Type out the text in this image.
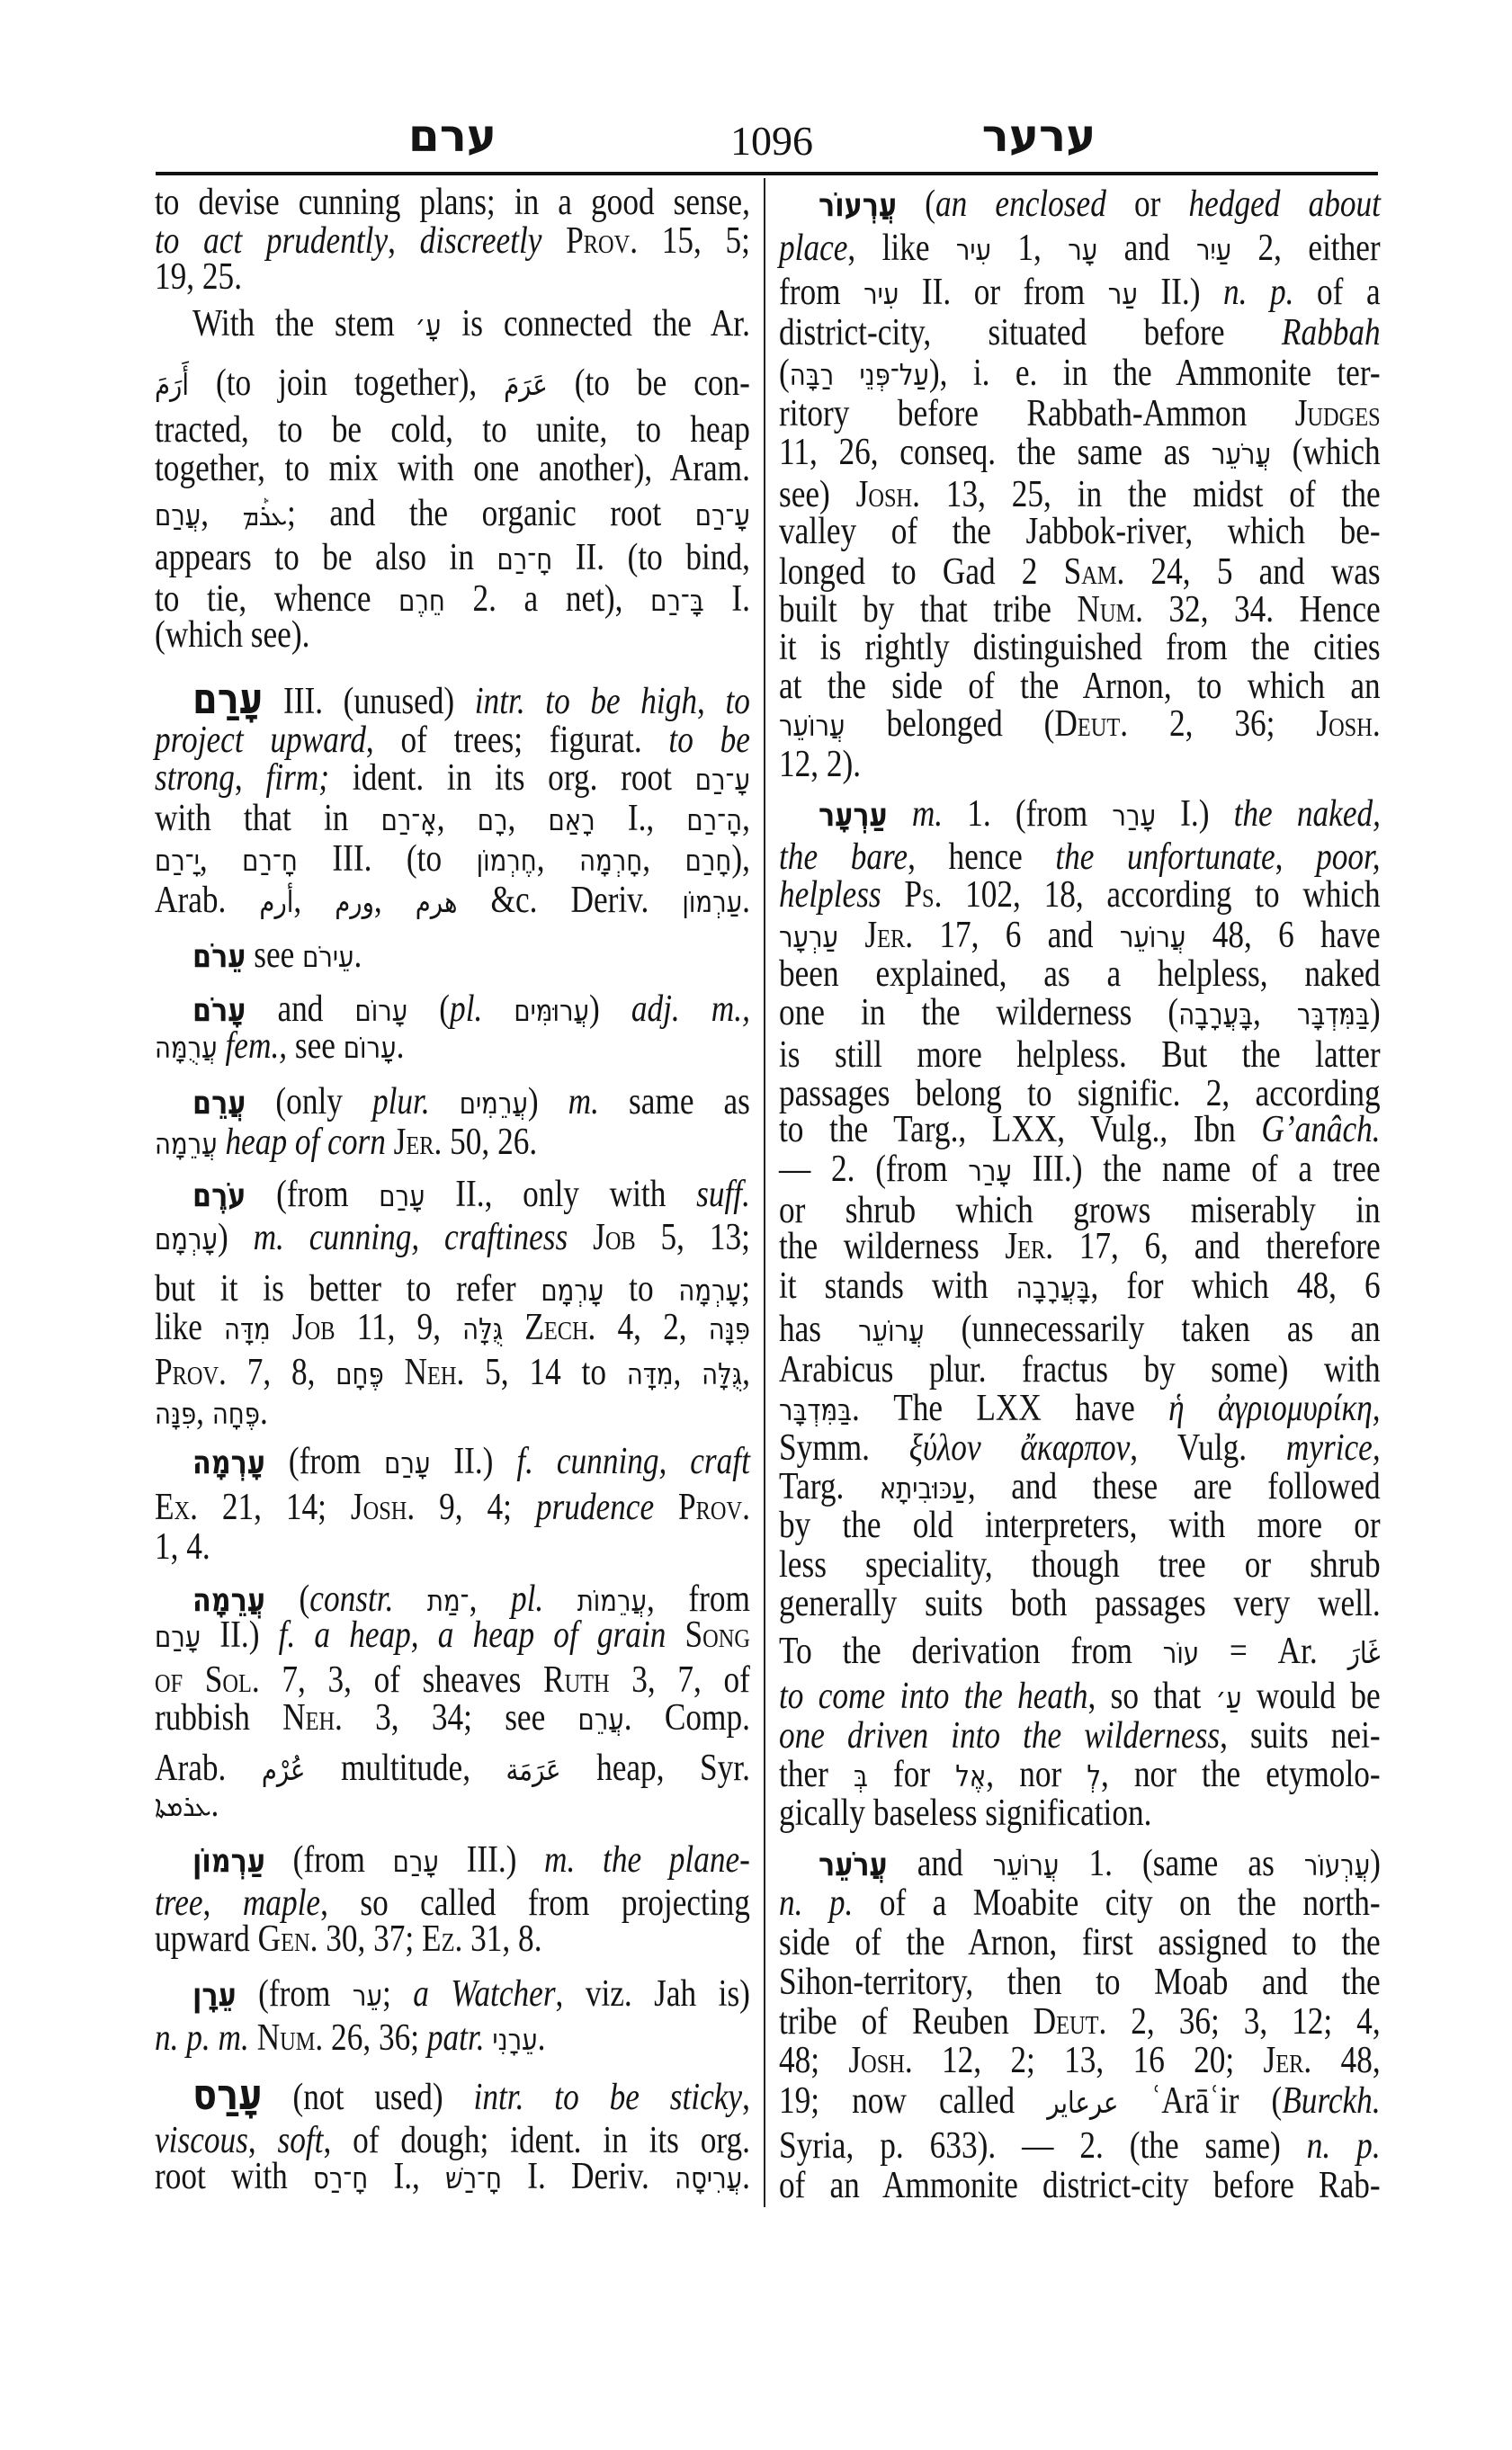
ערם	1096	ערער
to devise cunning plans; in a good sense,
to act prudently, discreetly Prov. 15, 5;
19, 25.
With the stem עָ׳ is connected the Ar.
أَرَمَ (to join together), عَرَمَ (to be con-
tracted, to be cold, to unite, to heap
together, to mix with one another), Aram.
עֲרַם, ܥܪܰܡ; and the organic root עָ־רַם
appears to be also in חָ־רַם II. (to bind,
to tie, whence חֵרֶם 2. a net), בָּ־רַם I.
(which see).
עָרַם III. (unused) intr. to be high, to
project upward, of trees; figurat. to be
strong, firm; ident. in its org. root עָ־רַם
with that in אָ־רַם, רָם, רָאַם I., הָ־רַם,
יָ־רַם, חָ־רַם III. (to חֶרְמוֹן, חָרְמָה, חָרַם),
Arab. أرم, ورم, هرم &c. Deriv. עַרְמוֹן.
עֵרֹם see עֵירֹם.
עָרֹם and עָרוֹם (pl. עֲרוּמִּים) adj. m.,
עֲרֻמָּה fem., see עָרוֹם.
עֲרֵם (only plur. עֲרֵמִים) m. same as
עֲרֵמָה heap of corn Jer. 50, 26.
עֹרֶם (from עָרַם II., only with suff.
עָרְמָם) m. cunning, craftiness Job 5, 13;
but it is better to refer עָרְמָם to עָרְמָה;
like מִדָּה Job 11, 9, גֻּלָּה Zech. 4, 2, פִּנָּה
Prov. 7, 8, פֶּחָם Neh. 5, 14 to מִדָּה, גֻּלָּה,
פִּנָּה, פֶּחָה.
עָרְמָה (from עָרַם II.) f. cunning, craft
Ex. 21, 14; Josh. 9, 4; prudence Prov.
1, 4.
עֲרֵמָה (constr. ־מַת, pl. עֲרֵמוֹת, from
עָרַם II.) f. a heap, a heap of grain Song
of Sol. 7, 3, of sheaves Ruth 3, 7, of
rubbish Neh. 3, 34; see עֲרֵם. Comp.
Arab. عُرْم multitude, عَرَمَة heap, Syr.
ܥܪܡܬܐ.
עַרְמוֹן (from עָרַם III.) m. the plane-
tree, maple, so called from projecting
upward Gen. 30, 37; Ez. 31, 8.
עֵרָן (from עֵר; a Watcher, viz. Jah is)
n. p. m. Num. 26, 36; patr. עֵרָנִי.
עָרַס (not used) intr. to be sticky,
viscous, soft, of dough; ident. in its org.
root with חָ־רַס I., חָ־רַשׁ I. Deriv. עֲרִיסָה.
עֲרְעוֹר (an enclosed or hedged about
place, like עִיר 1, עָר and עַיִר 2, either
from עִיר II. or from עַר II.) n. p. of a
district-city, situated before Rabbah
(עַל־פְּנֵי רַבָּה), i. e. in the Ammonite ter-
ritory before Rabbath-Ammon Judges
11, 26, conseq. the same as עֲרֹעֵר (which
see) Josh. 13, 25, in the midst of the
valley of the Jabbok-river, which be-
longed to Gad 2 Sam. 24, 5 and was
built by that tribe Num. 32, 34. Hence
it is rightly distinguished from the cities
at the side of the Arnon, to which an
עֲרוֹעֵר belonged (Deut. 2, 36; Josh.
12, 2).
עַרְעָר m. 1. (from עָרַר I.) the naked,
the bare, hence the unfortunate, poor,
helpless Ps. 102, 18, according to which
עַרְעָר Jer. 17, 6 and עֲרוֹעֵר 48, 6 have
been explained, as a helpless, naked
one in the wilderness (בָּעֲרָבָה, בַּמִּדְבָּר)
is still more helpless. But the latter
passages belong to signific. 2, according
to the Targ., LXX, Vulg., Ibn G’anâch.
— 2. (from עָרַר III.) the name of a tree
or shrub which grows miserably in
the wilderness Jer. 17, 6, and therefore
it stands with בָּעֲרָבָה, for which 48, 6
has עֲרוֹעֵר (unnecessarily taken as an
Arabicus plur. fractus by some) with
בַּמִּדְבָּר. The LXX have ἡ ἀγριομυρίκη,
Symm. ξύλον ἄκαρπον, Vulg. myrice,
Targ. עַכּוּבִיתָא, and these are followed
by the old interpreters, with more or
less speciality, though tree or shrub
generally suits both passages very well.
To the derivation from עוֹר = Ar. غَارَ
to come into the heath, so that עַ׳ would be
one driven into the wilderness, suits nei-
ther בְּ for אֶל, nor לְ, nor the etymolo-
gically baseless signification.
עֲרֹעֵר and עֲרוֹעֵר 1. (same as עֲרְעוֹר)
n. p. of a Moabite city on the north-
side of the Arnon, first assigned to the
Sihon-territory, then to Moab and the
tribe of Reuben Deut. 2, 36; 3, 12; 4,
48; Josh. 12, 2; 13, 16 20; Jer. 48,
19; now called عرعاير ʿArāʿir (Burckh.
Syria, p. 633). — 2. (the same) n. p.
of an Ammonite district-city before Rab-
